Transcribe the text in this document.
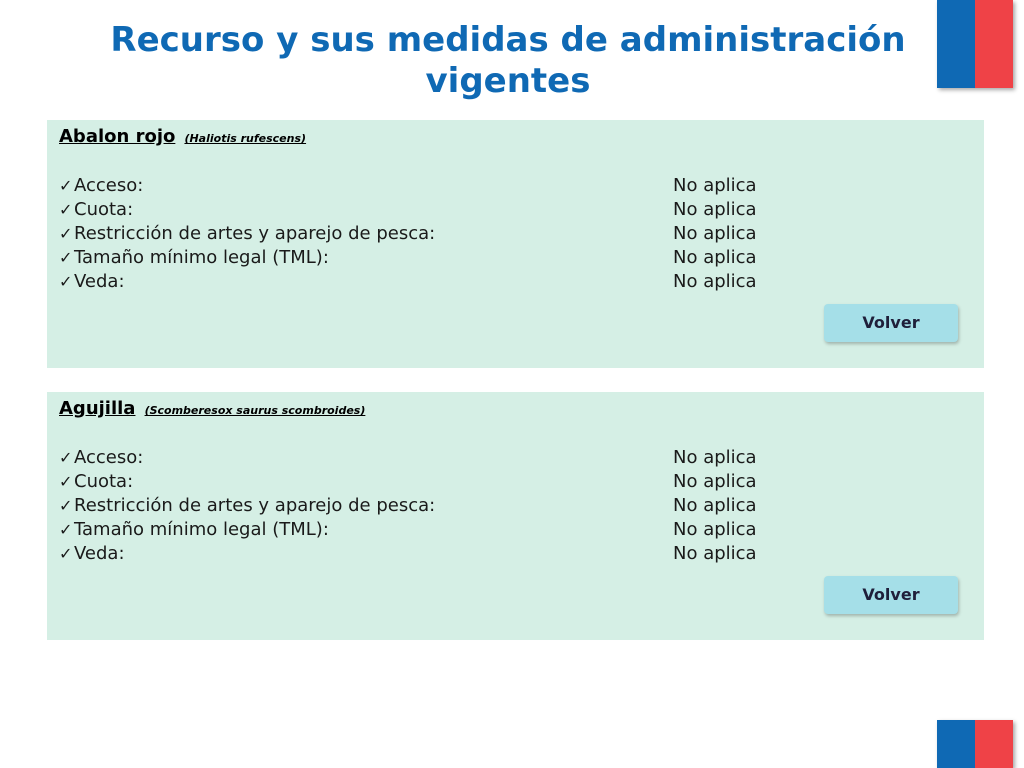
Recurso y sus medidas de administración vigentes
Abalon rojo (Haliotis rufescens)
✓Acceso:	No aplica
✓Cuota:	No aplica
✓Restricción de artes y aparejo de pesca:	No aplica
✓Tamaño mínimo legal (TML):	No aplica
✓Veda:	No aplica
Volver
Agujilla (Scomberesox saurus scombroides)
✓Acceso:	No aplica
✓Cuota:	No aplica
✓Restricción de artes y aparejo de pesca:	No aplica
✓Tamaño mínimo legal (TML):	No aplica
✓Veda:	No aplica
Volver
